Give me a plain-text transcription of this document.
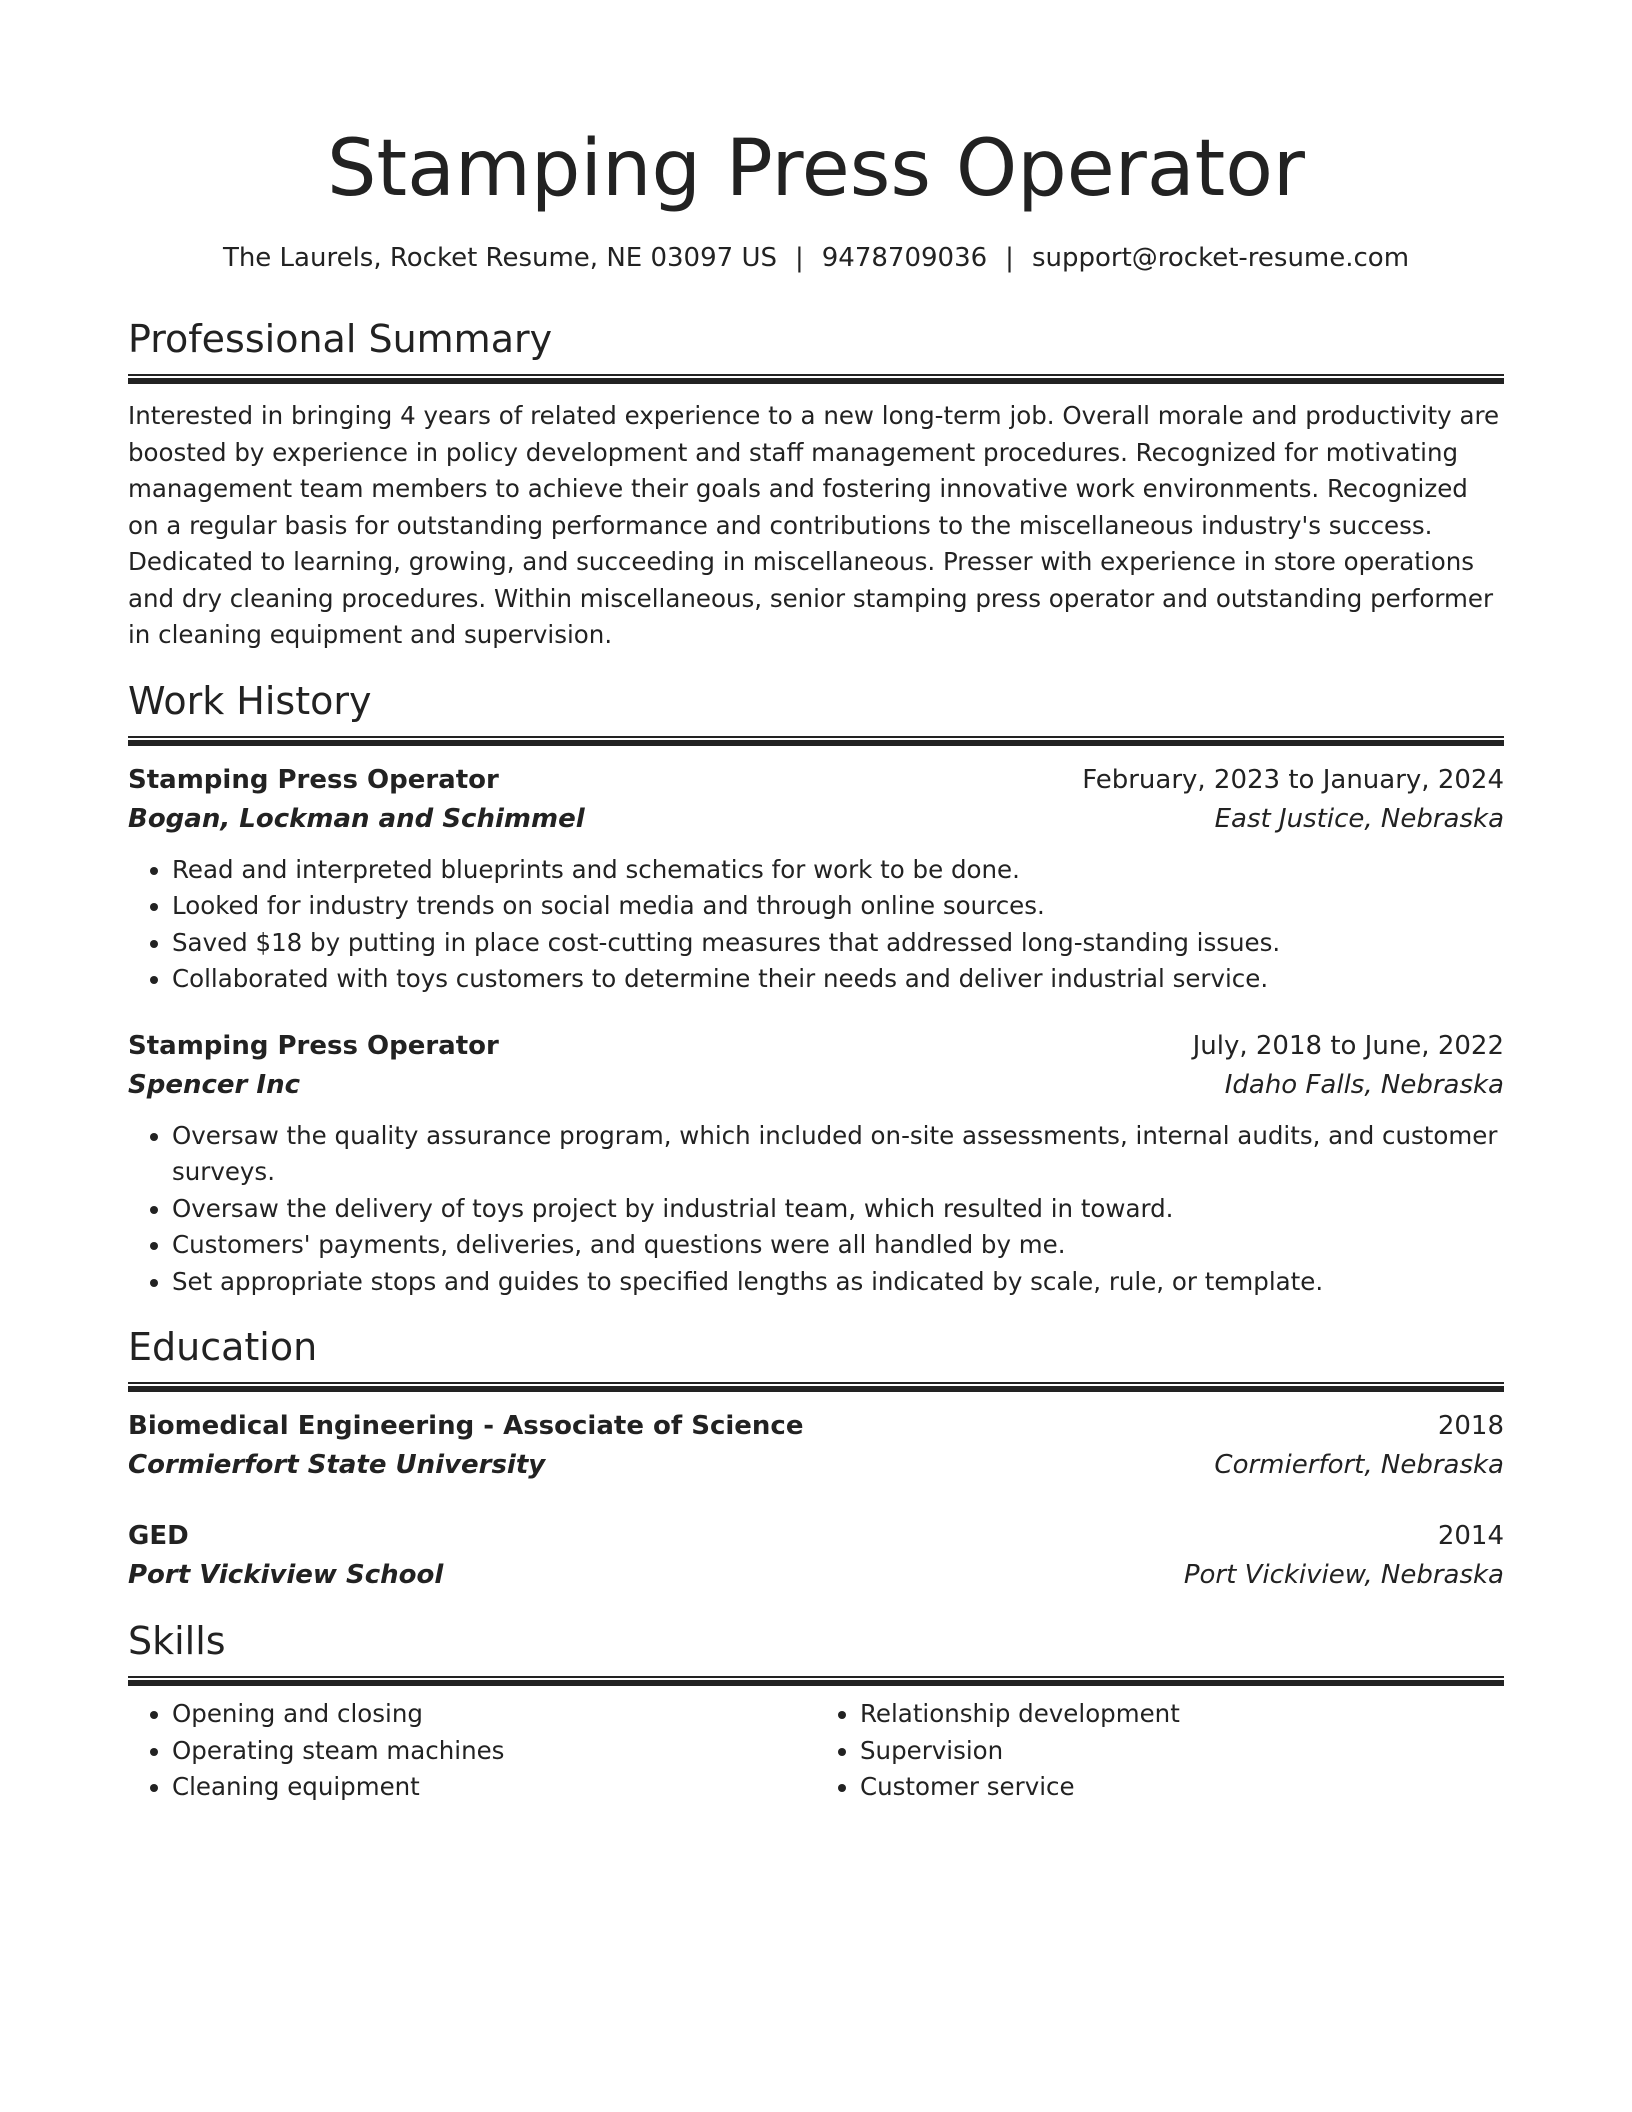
Stamping Press Operator
The Laurels, Rocket Resume, NE 03097 US | 9478709036 | support@rocket-resume.com
Professional Summary
Interested in bringing 4 years of related experience to a new long-term job. Overall morale and productivity are boosted by experience in policy development and staff management procedures. Recognized for motivating management team members to achieve their goals and fostering innovative work environments. Recognized on a regular basis for outstanding performance and contributions to the miscellaneous industry's success. Dedicated to learning, growing, and succeeding in miscellaneous. Presser with experience in store operations and dry cleaning procedures. Within miscellaneous, senior stamping press operator and outstanding performer in cleaning equipment and supervision.
Work History
Stamping Press Operator	February, 2023 to January, 2024
Bogan, Lockman and Schimmel	East Justice, Nebraska
• Read and interpreted blueprints and schematics for work to be done.
• Looked for industry trends on social media and through online sources.
• Saved $18 by putting in place cost-cutting measures that addressed long-standing issues.
• Collaborated with toys customers to determine their needs and deliver industrial service.
Stamping Press Operator	July, 2018 to June, 2022
Spencer Inc	Idaho Falls, Nebraska
• Oversaw the quality assurance program, which included on-site assessments, internal audits, and customer surveys.
• Oversaw the delivery of toys project by industrial team, which resulted in toward.
• Customers' payments, deliveries, and questions were all handled by me.
• Set appropriate stops and guides to specified lengths as indicated by scale, rule, or template.
Education
Biomedical Engineering - Associate of Science	2018
Cormierfort State University	Cormierfort, Nebraska
GED	2014
Port Vickiview School	Port Vickiview, Nebraska
Skills
• Opening and closing
• Operating steam machines
• Cleaning equipment
• Relationship development
• Supervision
• Customer service
